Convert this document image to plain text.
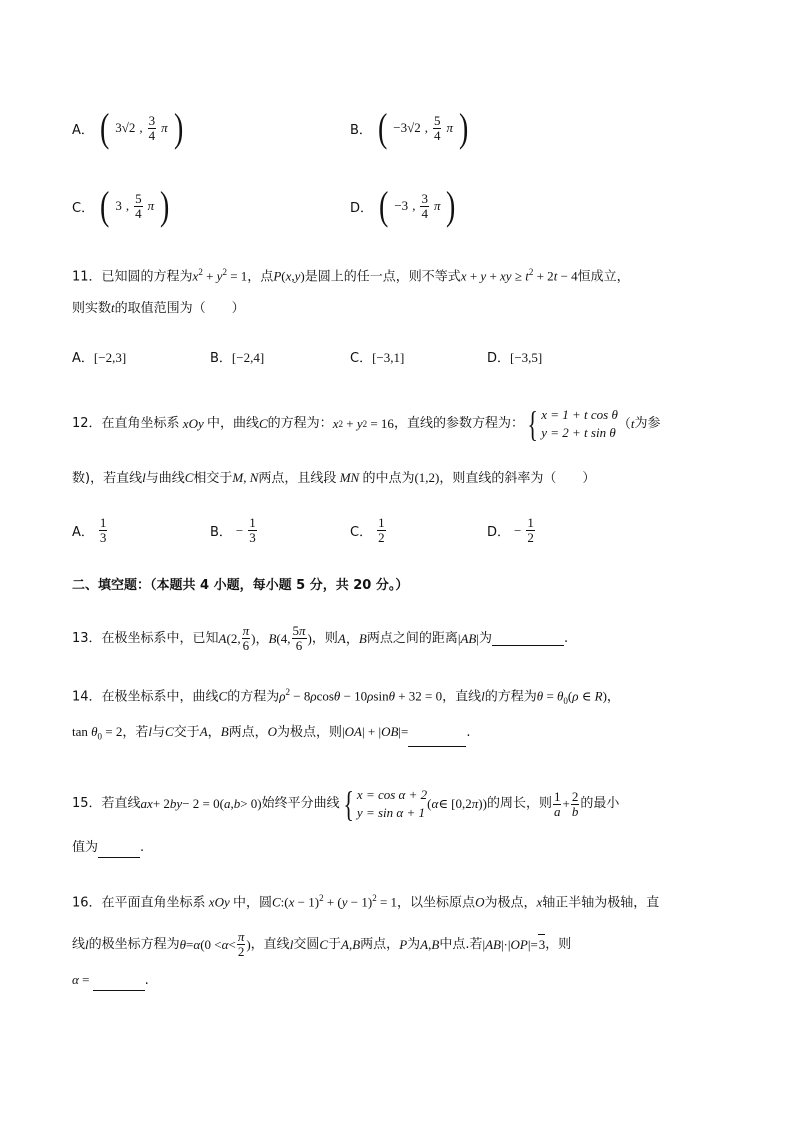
A． ( 3√2 , $\frac{3}{4}$ π )	B． ( −3√2 , $\frac{5}{4}$ π )
C． ( 3 , $\frac{5}{4}$ π )	D． ( −3 , $\frac{3}{4}$ π )
11．已知圆的方程为$x^2 + y^2 = 1$，点P(x,y)是圆上的任一点，则不等式x + y + xy ≥ $t^2 + 2t - 4$恒成立，
则实数t的取值范围为（　　）
A．[−2,3]	B．[−2,4]	C．[−3,1]	D．[−3,5]
12．在直角坐标系 xOy 中，曲线 C 的方程为： x 2 + y 2 = 16 ，直线的参数方程为： { x = 1 + t cos θ
y = 2 + t sin θ
（ t 为参
数)，若直线l与曲线C相交于M, N两点，且线段 MN 的中点为(1,2)，则直线的斜率为（　　）
A． $\frac{1}{3}$	B． − $\frac{1}{3}$	C． $\frac{1}{2}$	D． − $\frac{1}{2}$
二、填空题：（本题共 4 小题，每小题 5 分，共 20 分。）
13．在极坐标系中，已知 A (2, $\frac{\pi}{6}$ ) ， B (4, $\frac{5\pi}{6}$ ) ，则 A ， B 两点之间的距离 | AB | 为	.
14．在极坐标系中，曲线C的方程为$\rho^2 - 8\rho\cos\theta - 10\rho\sin\theta + 32 = 0$，直线l的方程为$\theta = \theta_0(\rho$ ∈ R)，
$\tan \theta_0 = 2$，若l与C交于A，B两点，O为极点，则|OA| + |OB|=	.
15．若直线 ax + 2 by − 2 = 0( a , b > 0) 始终平分曲线 { x = cos α + 2
y = sin α + 1
( α ∈ [0,2 π )) 的周长，则 $\frac{1}{a} + \frac{2}{b}$ 的最小
值为	.
16．在平面直角坐标系 xOy 中，圆C:(x − $1)^2 + (y - 1)^2 = 1$，以坐标原点O为极点，x轴正半轴为极轴，直
线 l 的极坐标方程为 θ = α ($0 < \alpha < \frac{\pi}{2}$ ) ，直线 l 交圆 C 于 A , B 两点， P 为 A , B 中点.若 | AB |·| OP |= 3 ，则
α =	.
